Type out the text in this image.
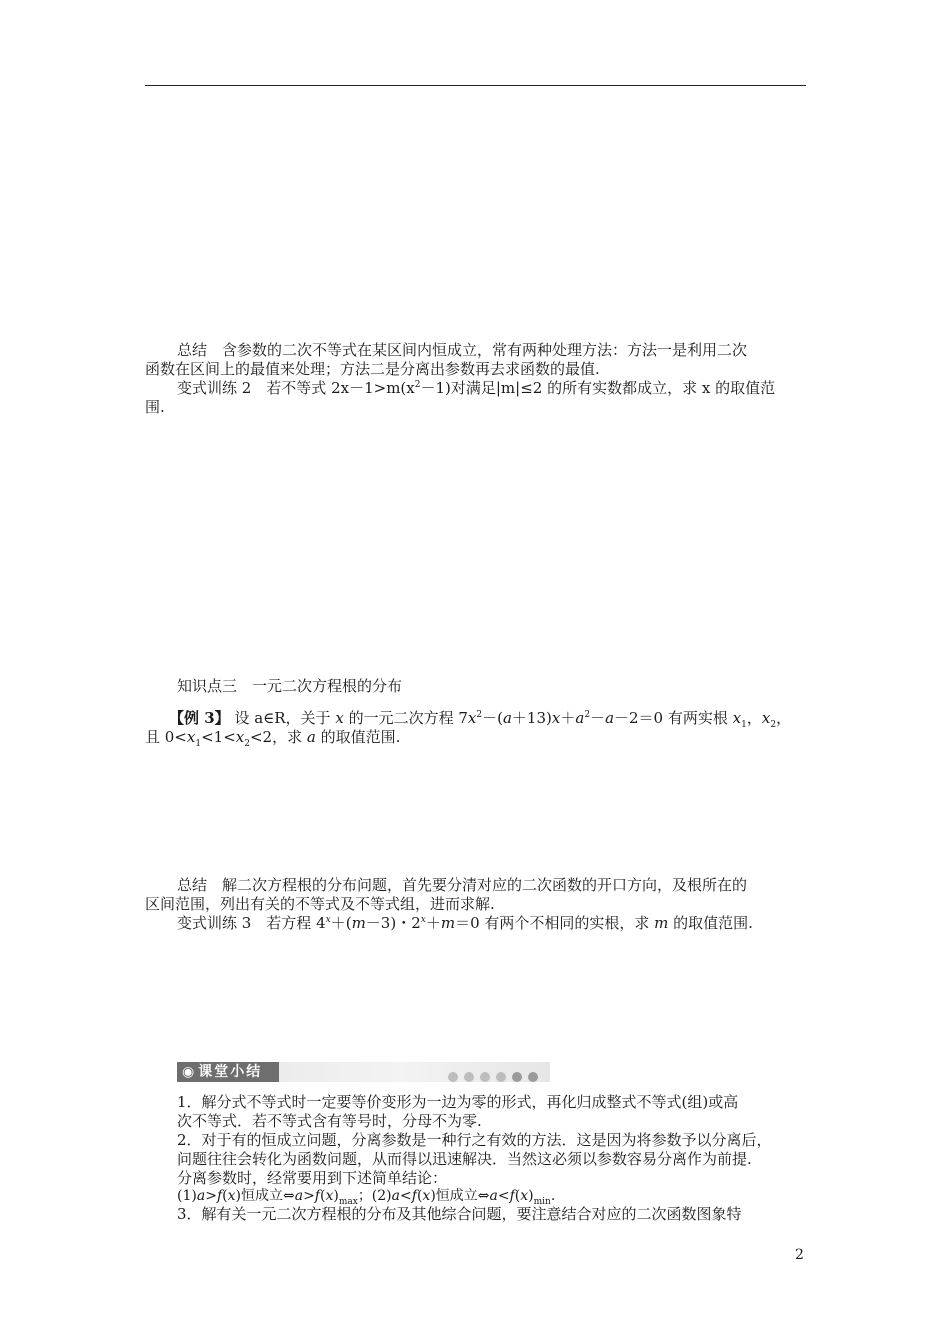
总结　含参数的二次不等式在某区间内恒成立，常有两种处理方法：方法一是利用二次
函数在区间上的最值来处理；方法二是分离出参数再去求函数的最值.
变式训练 2　若不等式 $2x-1>m(x^2-1)$对满足|m|≤2 的所有实数都成立，求 x 的取值范
围.
知识点三　一元二次方程根的分布
【例 3】 设 a∈R，关于 x 的一元二次方程 $7x^2-(a+13)x+a^2-a-2=0$ 有两实根 $x_1$，$x_2$，
且 $0<x_1<1<x_2<2$，求 a 的取值范围.
总结　解二次方程根的分布问题，首先要分清对应的二次函数的开口方向，及根所在的
区间范围，列出有关的不等式及不等式组，进而求解.
变式训练 3　若方程 $4^x+(m-3)$・$2^x+m=0$ 有两个不相同的实根，求 m 的取值范围.
◉ 课堂小结
1．解分式不等式时一定要等价变形为一边为零的形式，再化归成整式不等式(组)或高
次不等式．若不等式含有等号时，分母不为零.
2．对于有的恒成立问题，分离参数是一种行之有效的方法．这是因为将参数予以分离后，
问题往往会转化为函数问题，从而得以迅速解决．当然这必须以参数容易分离作为前提.
分离参数时，经常要用到下述简单结论：
(1)a>f(x)恒成立$\Leftrightarrow a>f(x)_{max}$；(2)a<f(x)恒成立$\Leftrightarrow a<f(x)_{min}$.
3．解有关一元二次方程根的分布及其他综合问题，要注意结合对应的二次函数图象特
2
